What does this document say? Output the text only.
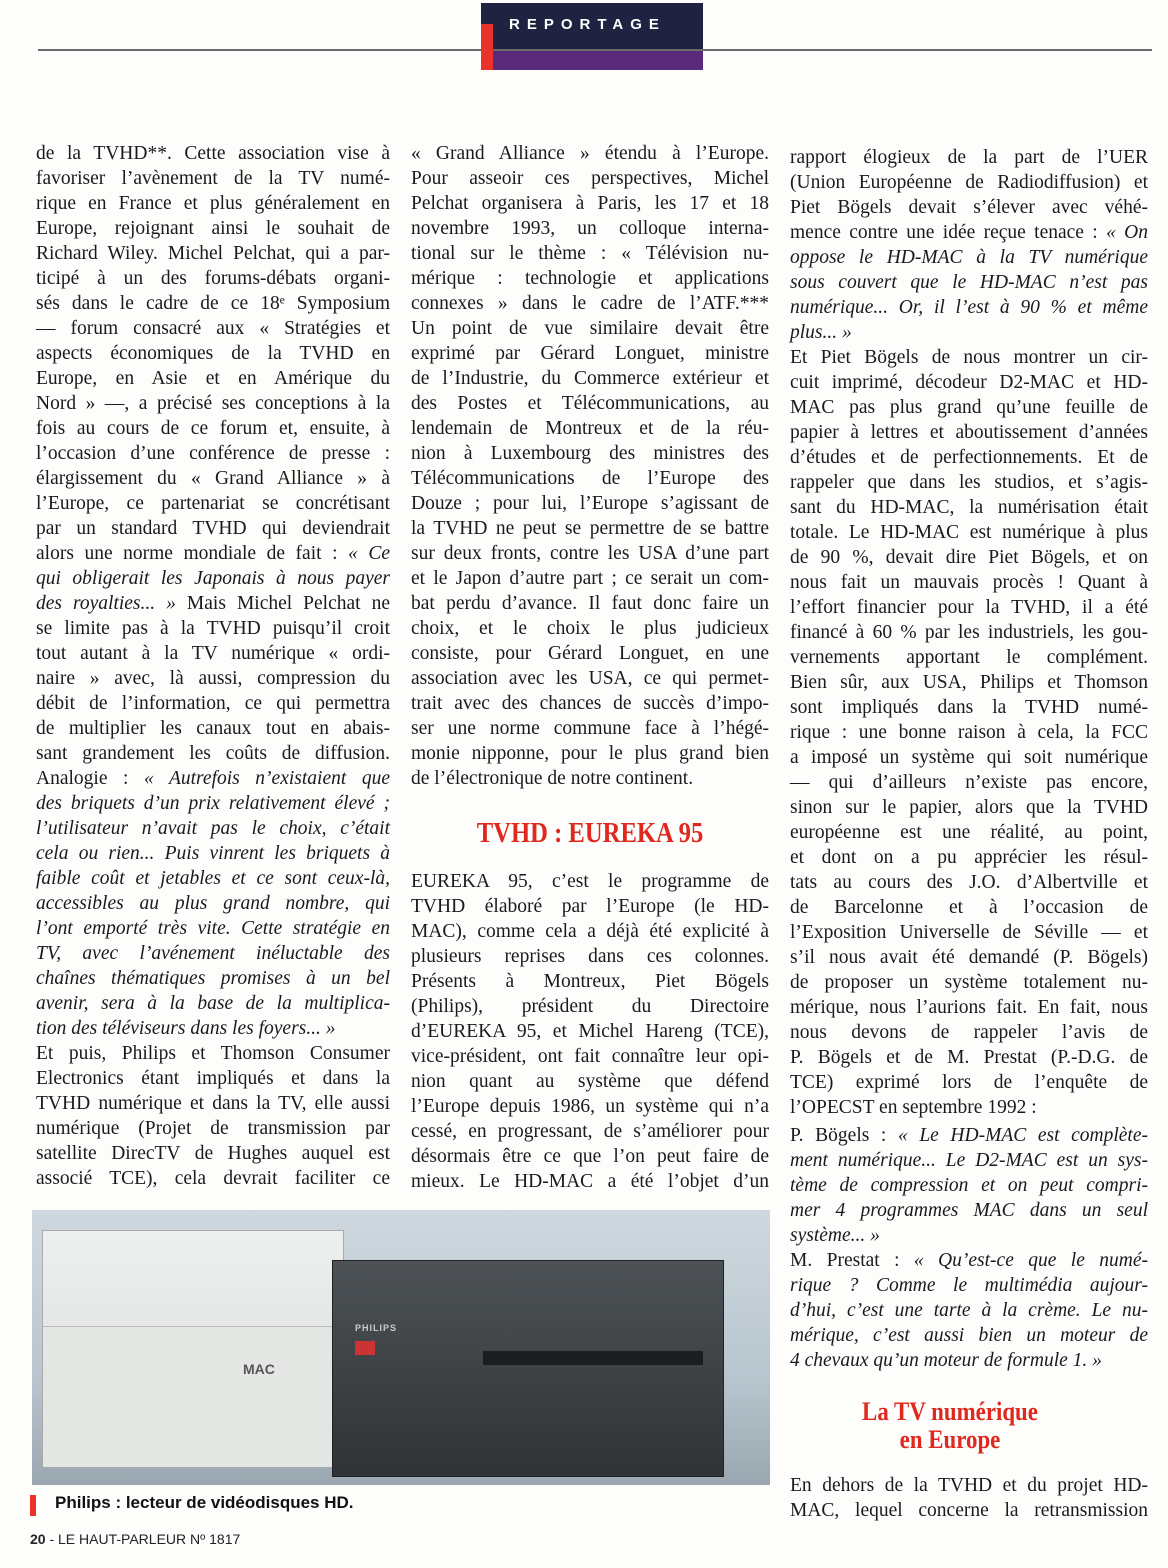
REPORTAGE
de la TVHD**. Cette association vise à
favoriser l’avènement de la TV numé-
rique en France et plus généralement en
Europe, rejoignant ainsi le souhait de
Richard Wiley. Michel Pelchat, qui a par-
ticipé à un des forums-débats organi-
sés dans le cadre de ce 18ᵉ Symposium
— forum consacré aux « Stratégies et
aspects économiques de la TVHD en
Europe, en Asie et en Amérique du
Nord » —, a précisé ses conceptions à la
fois au cours de ce forum et, ensuite, à
l’occasion d’une conférence de presse :
élargissement du « Grand Alliance » à
l’Europe, ce partenariat se concrétisant
par un standard TVHD qui deviendrait
alors une norme mondiale de fait : « Ce
qui obligerait les Japonais à nous payer
des royalties... » Mais Michel Pelchat ne
se limite pas à la TVHD puisqu’il croit
tout autant à la TV numérique « ordi-
naire » avec, là aussi, compression du
débit de l’information, ce qui permettra
de multiplier les canaux tout en abais-
sant grandement les coûts de diffusion.
Analogie : « Autrefois n’existaient que
des briquets d’un prix relativement élevé ;
l’utilisateur n’avait pas le choix, c’était
cela ou rien... Puis vinrent les briquets à
faible coût et jetables et ce sont ceux-là,
accessibles au plus grand nombre, qui
l’ont emporté très vite. Cette stratégie en
TV, avec l’avénement inéluctable des
chaînes thématiques promises à un bel
avenir, sera à la base de la multiplica-
tion des téléviseurs dans les foyers... »
Et puis, Philips et Thomson Consumer
Electronics étant impliqués et dans la
TVHD numérique et dans la TV, elle aussi
numérique (Projet de transmission par
satellite DirecTV de Hughes auquel est
associé TCE), cela devrait faciliter ce
« Grand Alliance » étendu à l’Europe.
Pour asseoir ces perspectives, Michel
Pelchat organisera à Paris, les 17 et 18
novembre 1993, un colloque interna-
tional sur le thème : « Télévision nu-
mérique : technologie et applications
connexes » dans le cadre de l’ATF.***
Un point de vue similaire devait être
exprimé par Gérard Longuet, ministre
de l’Industrie, du Commerce extérieur et
des Postes et Télécommunications, au
lendemain de Montreux et de la réu-
nion à Luxembourg des ministres des
Télécommunications de l’Europe des
Douze ; pour lui, l’Europe s’agissant de
la TVHD ne peut se permettre de se battre
sur deux fronts, contre les USA d’une part
et le Japon d’autre part ; ce serait un com-
bat perdu d’avance. Il faut donc faire un
choix, et le choix le plus judicieux
consiste, pour Gérard Longuet, en une
association avec les USA, ce qui permet-
trait avec des chances de succès d’impo-
ser une norme commune face à l’hégé-
monie nipponne, pour le plus grand bien
de l’électronique de notre continent.
TVHD : EUREKA 95
EUREKA 95, c’est le programme de
TVHD élaboré par l’Europe (le HD-
MAC), comme cela a déjà été explicité à
plusieurs reprises dans ces colonnes.
Présents à Montreux, Piet Bögels
(Philips), président du Directoire
d’EUREKA 95, et Michel Hareng (TCE),
vice-président, ont fait connaître leur opi-
nion quant au système que défend
l’Europe depuis 1986, un système qui n’a
cessé, en progressant, de s’améliorer pour
désormais être ce que l’on peut faire de
mieux. Le HD-MAC a été l’objet d’un
rapport élogieux de la part de l’UER
(Union Européenne de Radiodiffusion) et
Piet Bögels devait s’élever avec véhé-
mence contre une idée reçue tenace : « On
oppose le HD-MAC à la TV numérique
sous couvert que le HD-MAC n’est pas
numérique... Or, il l’est à 90 % et même
plus... »
Et Piet Bögels de nous montrer un cir-
cuit imprimé, décodeur D2-MAC et HD-
MAC pas plus grand qu’une feuille de
papier à lettres et aboutissement d’années
d’études et de perfectionnements. Et de
rappeler que dans les studios, et s’agis-
sant du HD-MAC, la numérisation était
totale. Le HD-MAC est numérique à plus
de 90 %, devait dire Piet Bögels, et on
nous fait un mauvais procès ! Quant à
l’effort financier pour la TVHD, il a été
financé à 60 % par les industriels, les gou-
vernements apportant le complément.
Bien sûr, aux USA, Philips et Thomson
sont impliqués dans la TVHD numé-
rique : une bonne raison à cela, la FCC
a imposé un système qui soit numérique
— qui d’ailleurs n’existe pas encore,
sinon sur le papier, alors que la TVHD
européenne est une réalité, au point,
et dont on a pu apprécier les résul-
tats au cours des J.O. d’Albertville et
de Barcelonne et à l’occasion de
l’Exposition Universelle de Séville — et
s’il nous avait été demandé (P. Bögels)
de proposer un système totalement nu-
mérique, nous l’aurions fait. En fait, nous
nous devons de rappeler l’avis de
P. Bögels et de M. Prestat (P.-D.G. de
TCE) exprimé lors de l’enquête de
l’OPECST en septembre 1992 :
P. Bögels : « Le HD-MAC est complète-
ment numérique... Le D2-MAC est un sys-
tème de compression et on peut compri-
mer 4 programmes MAC dans un seul
système... »
M. Prestat : « Qu’est-ce que le numé-
rique ? Comme le multimédia aujour-
d’hui, c’est une tarte à la crème. Le nu-
mérique, c’est aussi bien un moteur de
4 chevaux qu’un moteur de formule 1. »
La TV numérique
en Europe
En dehors de la TVHD et du projet HD-
MAC, lequel concerne la retransmission
MAC
PHILIPS
Philips : lecteur de vidéodisques HD.
20 - LE HAUT-PARLEUR Nº 1817
